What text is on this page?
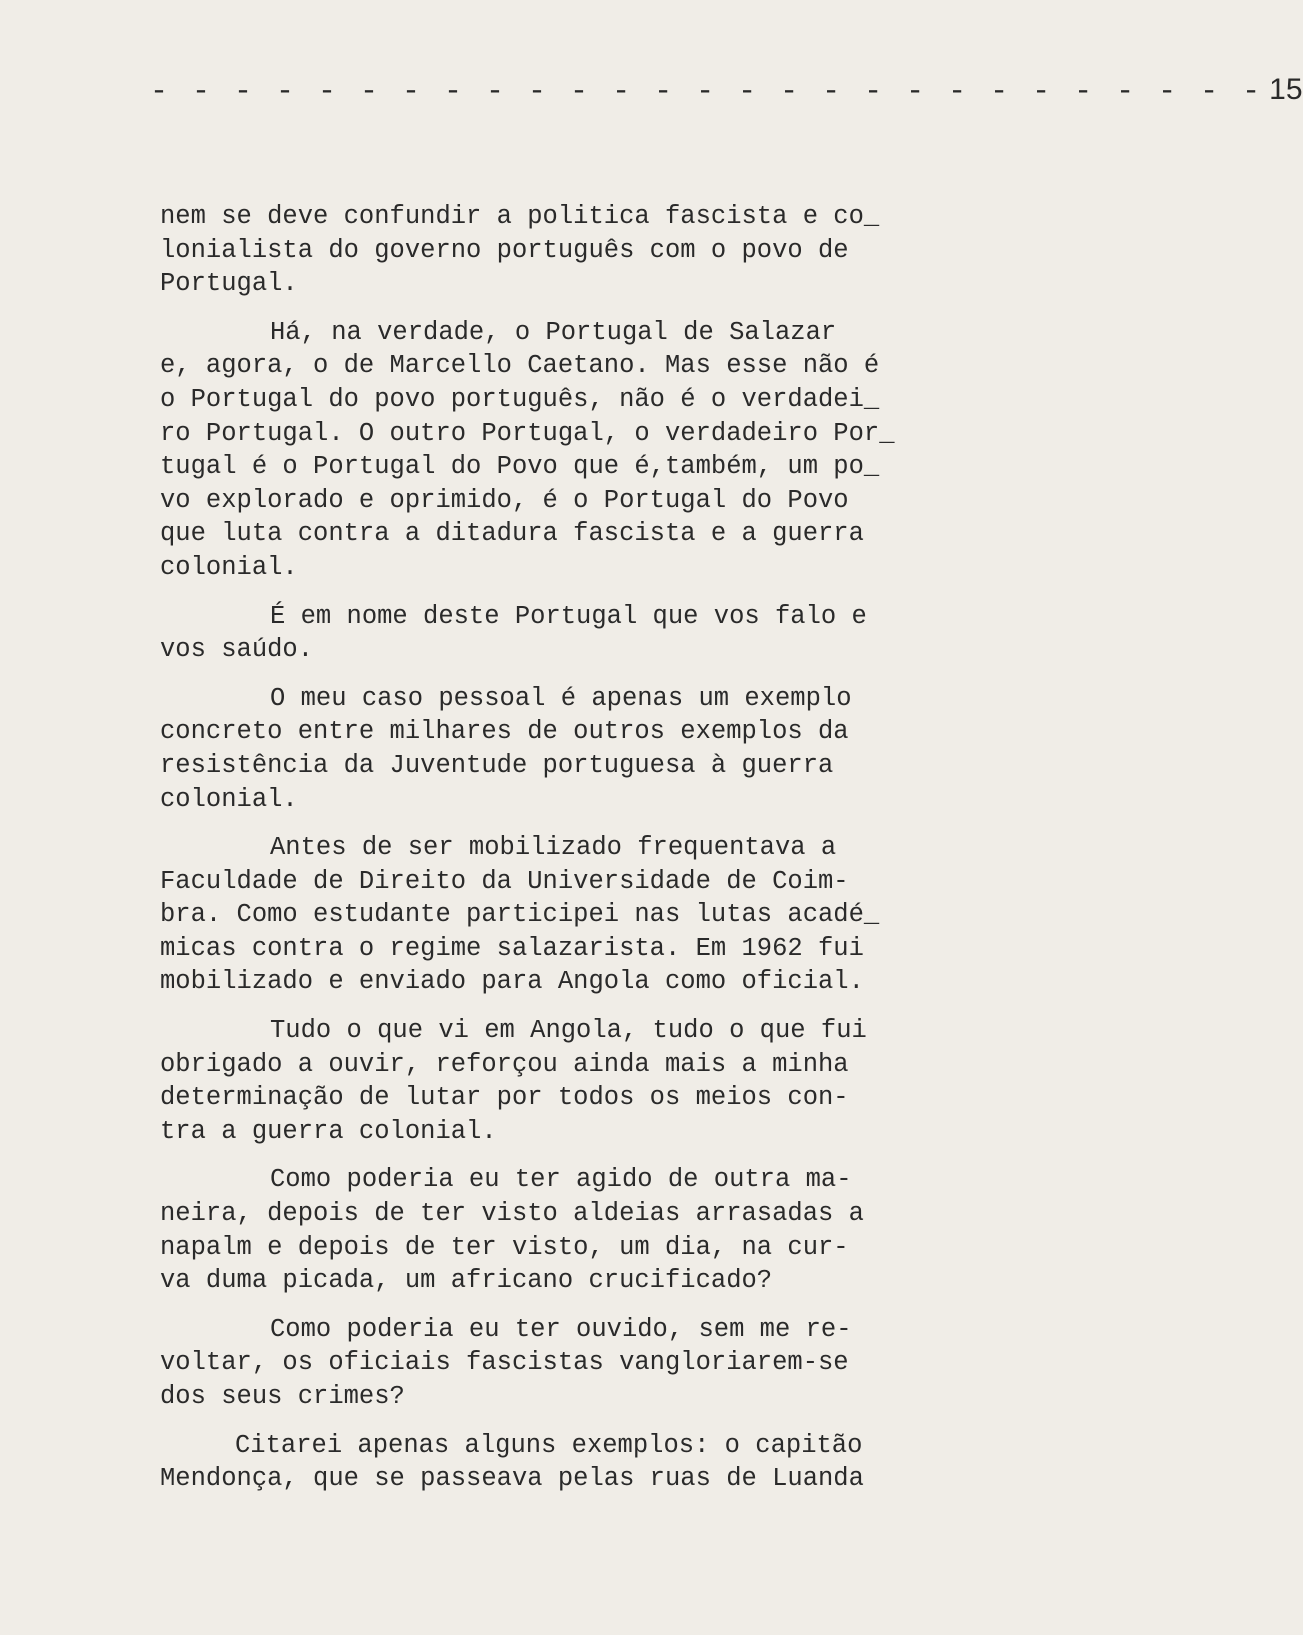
- - - - - - - - - - - - - - - - - - - - - - - - - - - 15

nem se deve confundir a politica fascista e co_
lonialista do governo português com o povo de
Portugal.

Há, na verdade, o Portugal de Salazar
e, agora, o de Marcello Caetano. Mas esse não é
o Portugal do povo português, não é o verdadei_
ro Portugal. O outro Portugal, o verdadeiro Por_
tugal é o Portugal do Povo que é,também, um po_
vo explorado e oprimido, é o Portugal do Povo
que luta contra a ditadura fascista e a guerra
colonial.

É em nome deste Portugal que vos falo e
vos saúdo.

O meu caso pessoal é apenas um exemplo
concreto entre milhares de outros exemplos da
resistência da Juventude portuguesa à guerra
colonial.

Antes de ser mobilizado frequentava a
Faculdade de Direito da Universidade de Coim-
bra. Como estudante participei nas lutas acadé_
micas contra o regime salazarista. Em 1962 fui
mobilizado e enviado para Angola como oficial.

Tudo o que vi em Angola, tudo o que fui
obrigado a ouvir, reforçou ainda mais a minha
determinação de lutar por todos os meios con-
tra a guerra colonial.

Como poderia eu ter agido de outra ma-
neira, depois de ter visto aldeias arrasadas a
napalm e depois de ter visto, um dia, na cur-
va duma picada, um africano crucificado?

Como poderia eu ter ouvido, sem me re-
voltar, os oficiais fascistas vangloriarem-se
dos seus crimes?

Citarei apenas alguns exemplos: o capitão
Mendonça, que se passeava pelas ruas de Luanda
